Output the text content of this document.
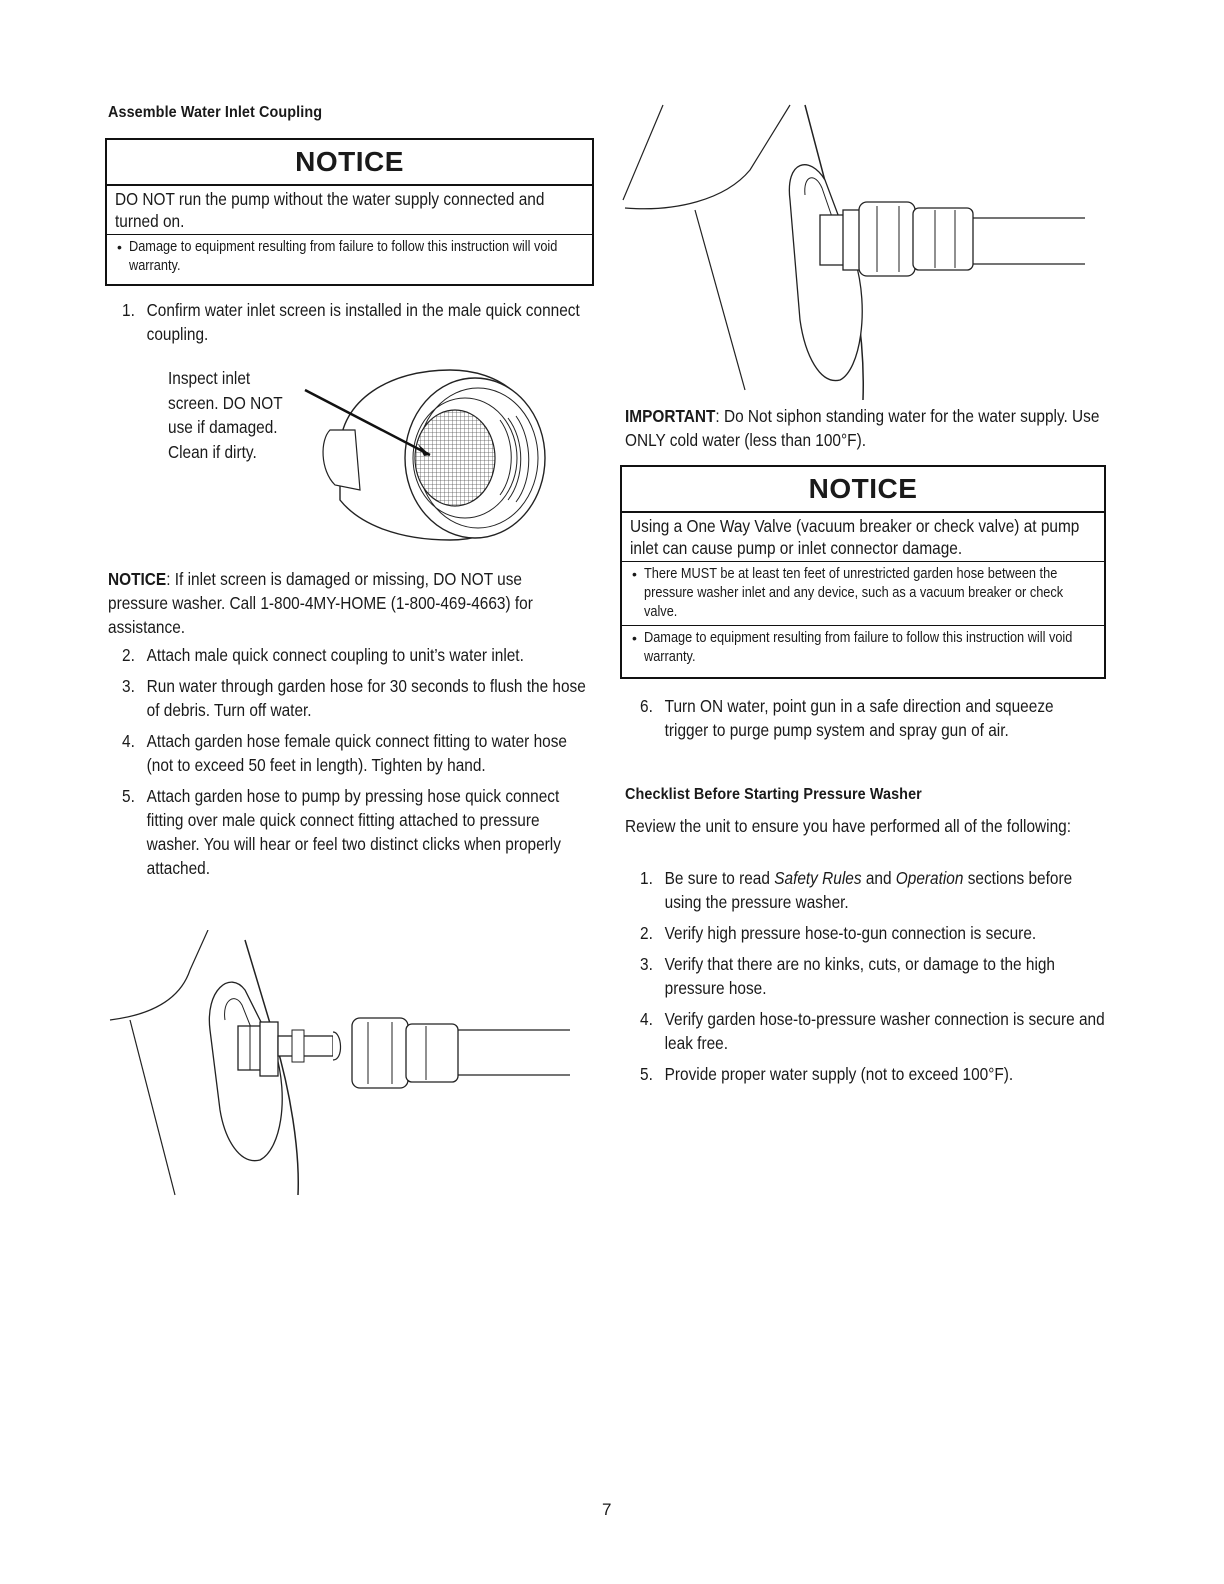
Assemble Water Inlet Coupling
NOTICE
DO NOT run the pump without the water supply connected and turned on.
• Damage to equipment resulting from failure to follow this instruction will void warranty.
1. Confirm water inlet screen is installed in the male quick connect coupling.
Inspect inlet
screen. DO NOT
use if damaged.
Clean if dirty.
NOTICE: If inlet screen is damaged or missing, DO NOT use pressure washer. Call 1-800-4MY-HOME (1-800-469-4663) for assistance.
2. Attach male quick connect coupling to unit’s water inlet.
3. Run water through garden hose for 30 seconds to flush the hose of debris. Turn off water.
4. Attach garden hose female quick connect fitting to water hose (not to exceed 50 feet in length). Tighten by hand.
5. Attach garden hose to pump by pressing hose quick connect fitting over male quick connect fitting attached to pressure washer. You will hear or feel two distinct clicks when properly attached.
IMPORTANT: Do Not siphon standing water for the water supply. Use ONLY cold water (less than 100°F).
NOTICE
Using a One Way Valve (vacuum breaker or check valve) at pump inlet can cause pump or inlet connector damage.
• There MUST be at least ten feet of unrestricted garden hose between the pressure washer inlet and any device, such as a vacuum breaker or check valve.
• Damage to equipment resulting from failure to follow this instruction will void warranty.
6. Turn ON water, point gun in a safe direction and squeeze trigger to purge pump system and spray gun of air.
Checklist Before Starting Pressure Washer
Review the unit to ensure you have performed all of the following:
1. Be sure to read Safety Rules and Operation sections before using the pressure washer.
2. Verify high pressure hose-to-gun connection is secure.
3. Verify that there are no kinks, cuts, or damage to the high pressure hose.
4. Verify garden hose-to-pressure washer connection is secure and leak free.
5. Provide proper water supply (not to exceed 100°F).
7
